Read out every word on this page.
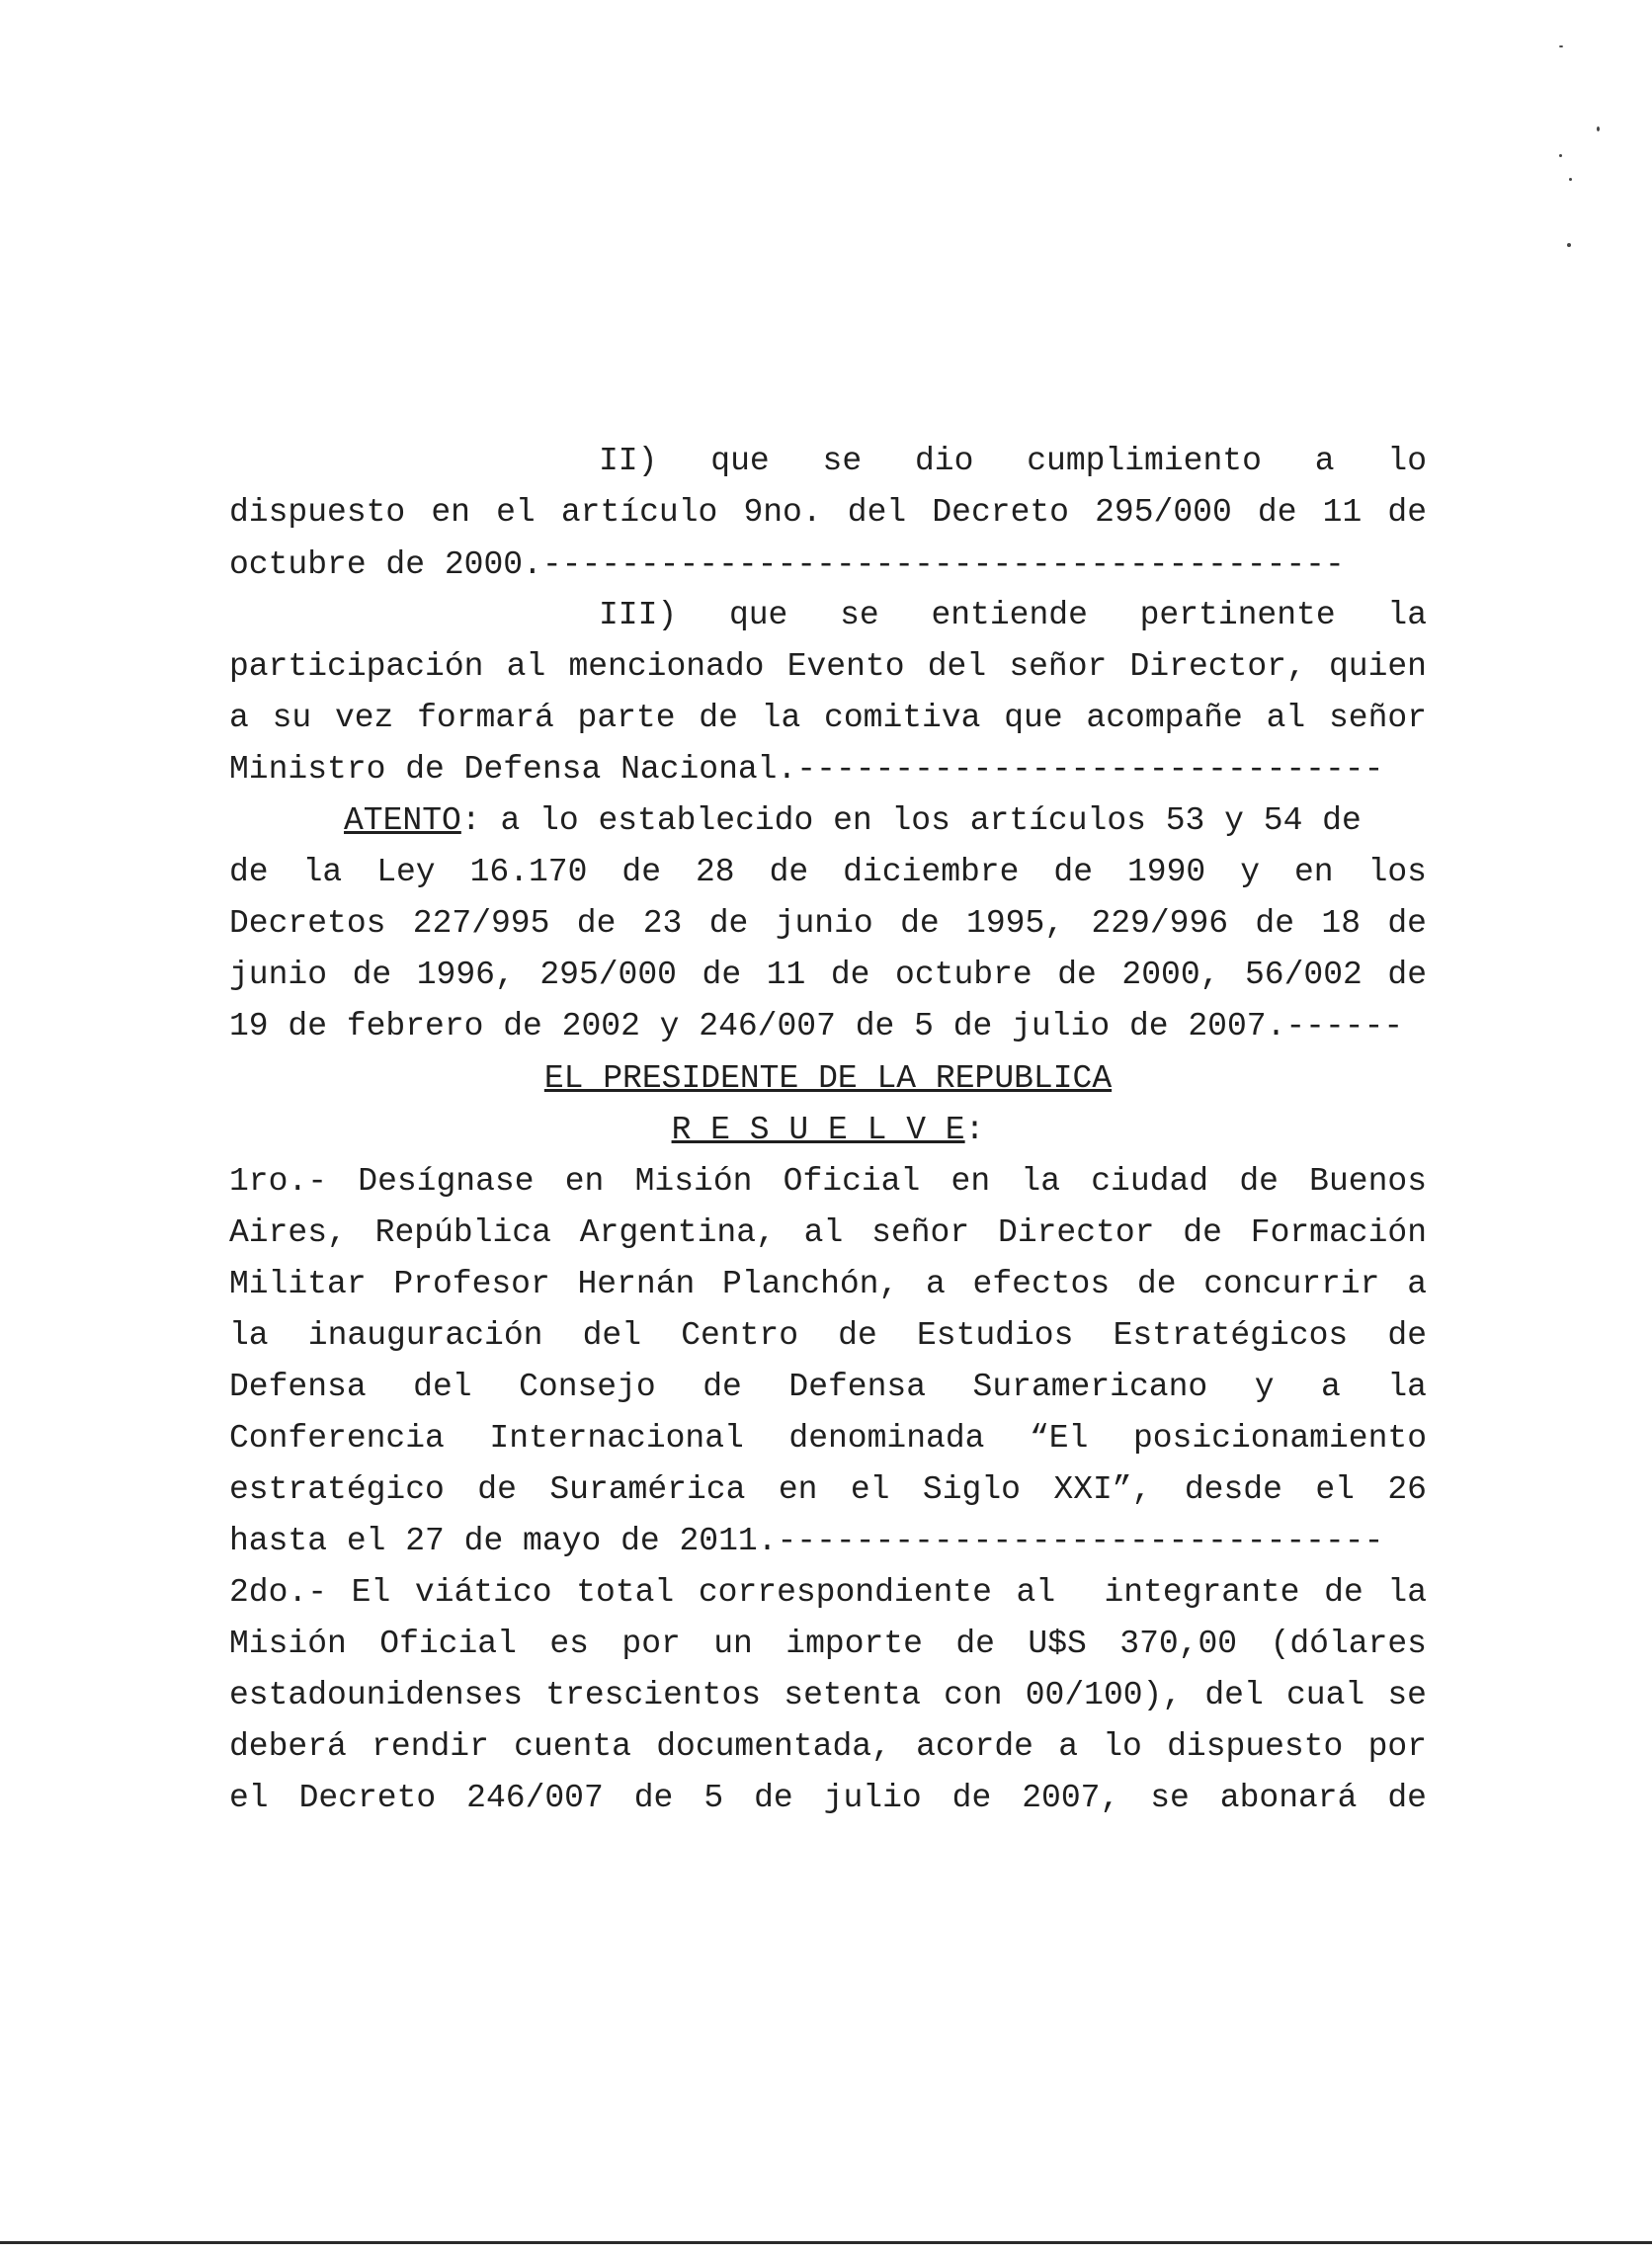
II)  que  se  dio  cumplimiento  a  lo
dispuesto en el artículo 9no. del Decreto 295/000 de 11 de
octubre de 2000.-----------------------------------------
III)  que  se  entiende  pertinente  la
participación al mencionado Evento del señor Director, quien
a su vez formará parte de la comitiva que acompañe al señor
Ministro de Defensa Nacional.------------------------------
ATENTO: a lo establecido en los artículos 53 y 54 de
de la Ley 16.170 de 28 de diciembre de 1990 y en los
Decretos 227/995 de 23 de junio de 1995, 229/996 de 18 de
junio de 1996, 295/000 de 11 de octubre de 2000, 56/002 de
19 de febrero de 2002 y 246/007 de 5 de julio de 2007.------
EL PRESIDENTE DE LA REPUBLICA
R E S U E L V E:
1ro.- Desígnase en Misión Oficial en la ciudad de Buenos
Aires, República Argentina, al señor Director de Formación
Militar Profesor Hernán Planchón, a efectos de concurrir a
la inauguración del Centro de Estudios Estratégicos de
Defensa del Consejo de Defensa Suramericano y a la
Conferencia Internacional denominada “El posicionamiento
estratégico de Suramérica en el Siglo XXI”, desde el 26
hasta el 27 de mayo de 2011.-------------------------------
2do.- El viático total correspondiente al  integrante de la
Misión Oficial es por un importe de U$S 370,00 (dólares
estadounidenses trescientos setenta con 00/100), del cual se
deberá rendir cuenta documentada, acorde a lo dispuesto por
el Decreto 246/007 de 5 de julio de 2007, se abonará de
